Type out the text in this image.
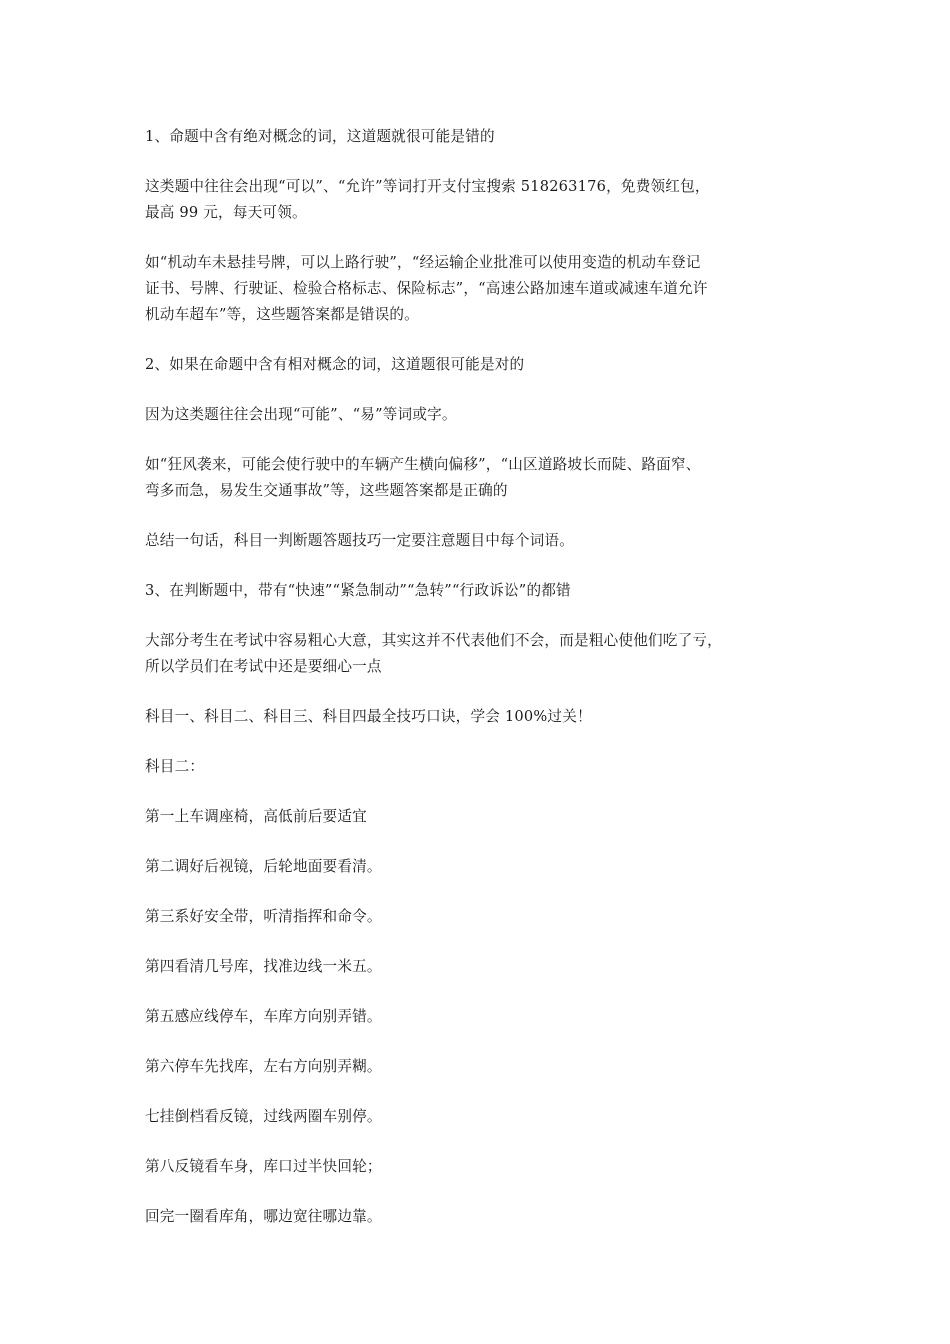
1、命题中含有绝对概念的词，这道题就很可能是错的

这类题中往往会出现“可以”、“允许”等词打开支付宝搜索 518263176，免费领红包，
最高 99 元，每天可领。

如“机动车未悬挂号牌，可以上路行驶”，“经运输企业批准可以使用变造的机动车登记
证书、号牌、行驶证、检验合格标志、保险标志”，“高速公路加速车道或减速车道允许
机动车超车”等，这些题答案都是错误的。

2、如果在命题中含有相对概念的词，这道题很可能是对的

因为这类题往往会出现“可能”、“易”等词或字。

如“狂风袭来，可能会使行驶中的车辆产生横向偏移”，“山区道路坡长而陡、路面窄、
弯多而急，易发生交通事故”等，这些题答案都是正确的

总结一句话，科目一判断题答题技巧一定要注意题目中每个词语。

3、在判断题中，带有“快速”“紧急制动”“急转”“行政诉讼”的都错

大部分考生在考试中容易粗心大意，其实这并不代表他们不会，而是粗心使他们吃了亏，
所以学员们在考试中还是要细心一点

科目一、科目二、科目三、科目四最全技巧口诀，学会 100%过关！

科目二：

第一上车调座椅，高低前后要适宜

第二调好后视镜，后轮地面要看清。

第三系好安全带，听清指挥和命令。

第四看清几号库，找准边线一米五。

第五感应线停车，车库方向别弄错。

第六停车先找库，左右方向别弄糊。

七挂倒档看反镜，过线两圈车别停。

第八反镜看车身，库口过半快回轮；

回完一圈看库角，哪边宽往哪边靠。
